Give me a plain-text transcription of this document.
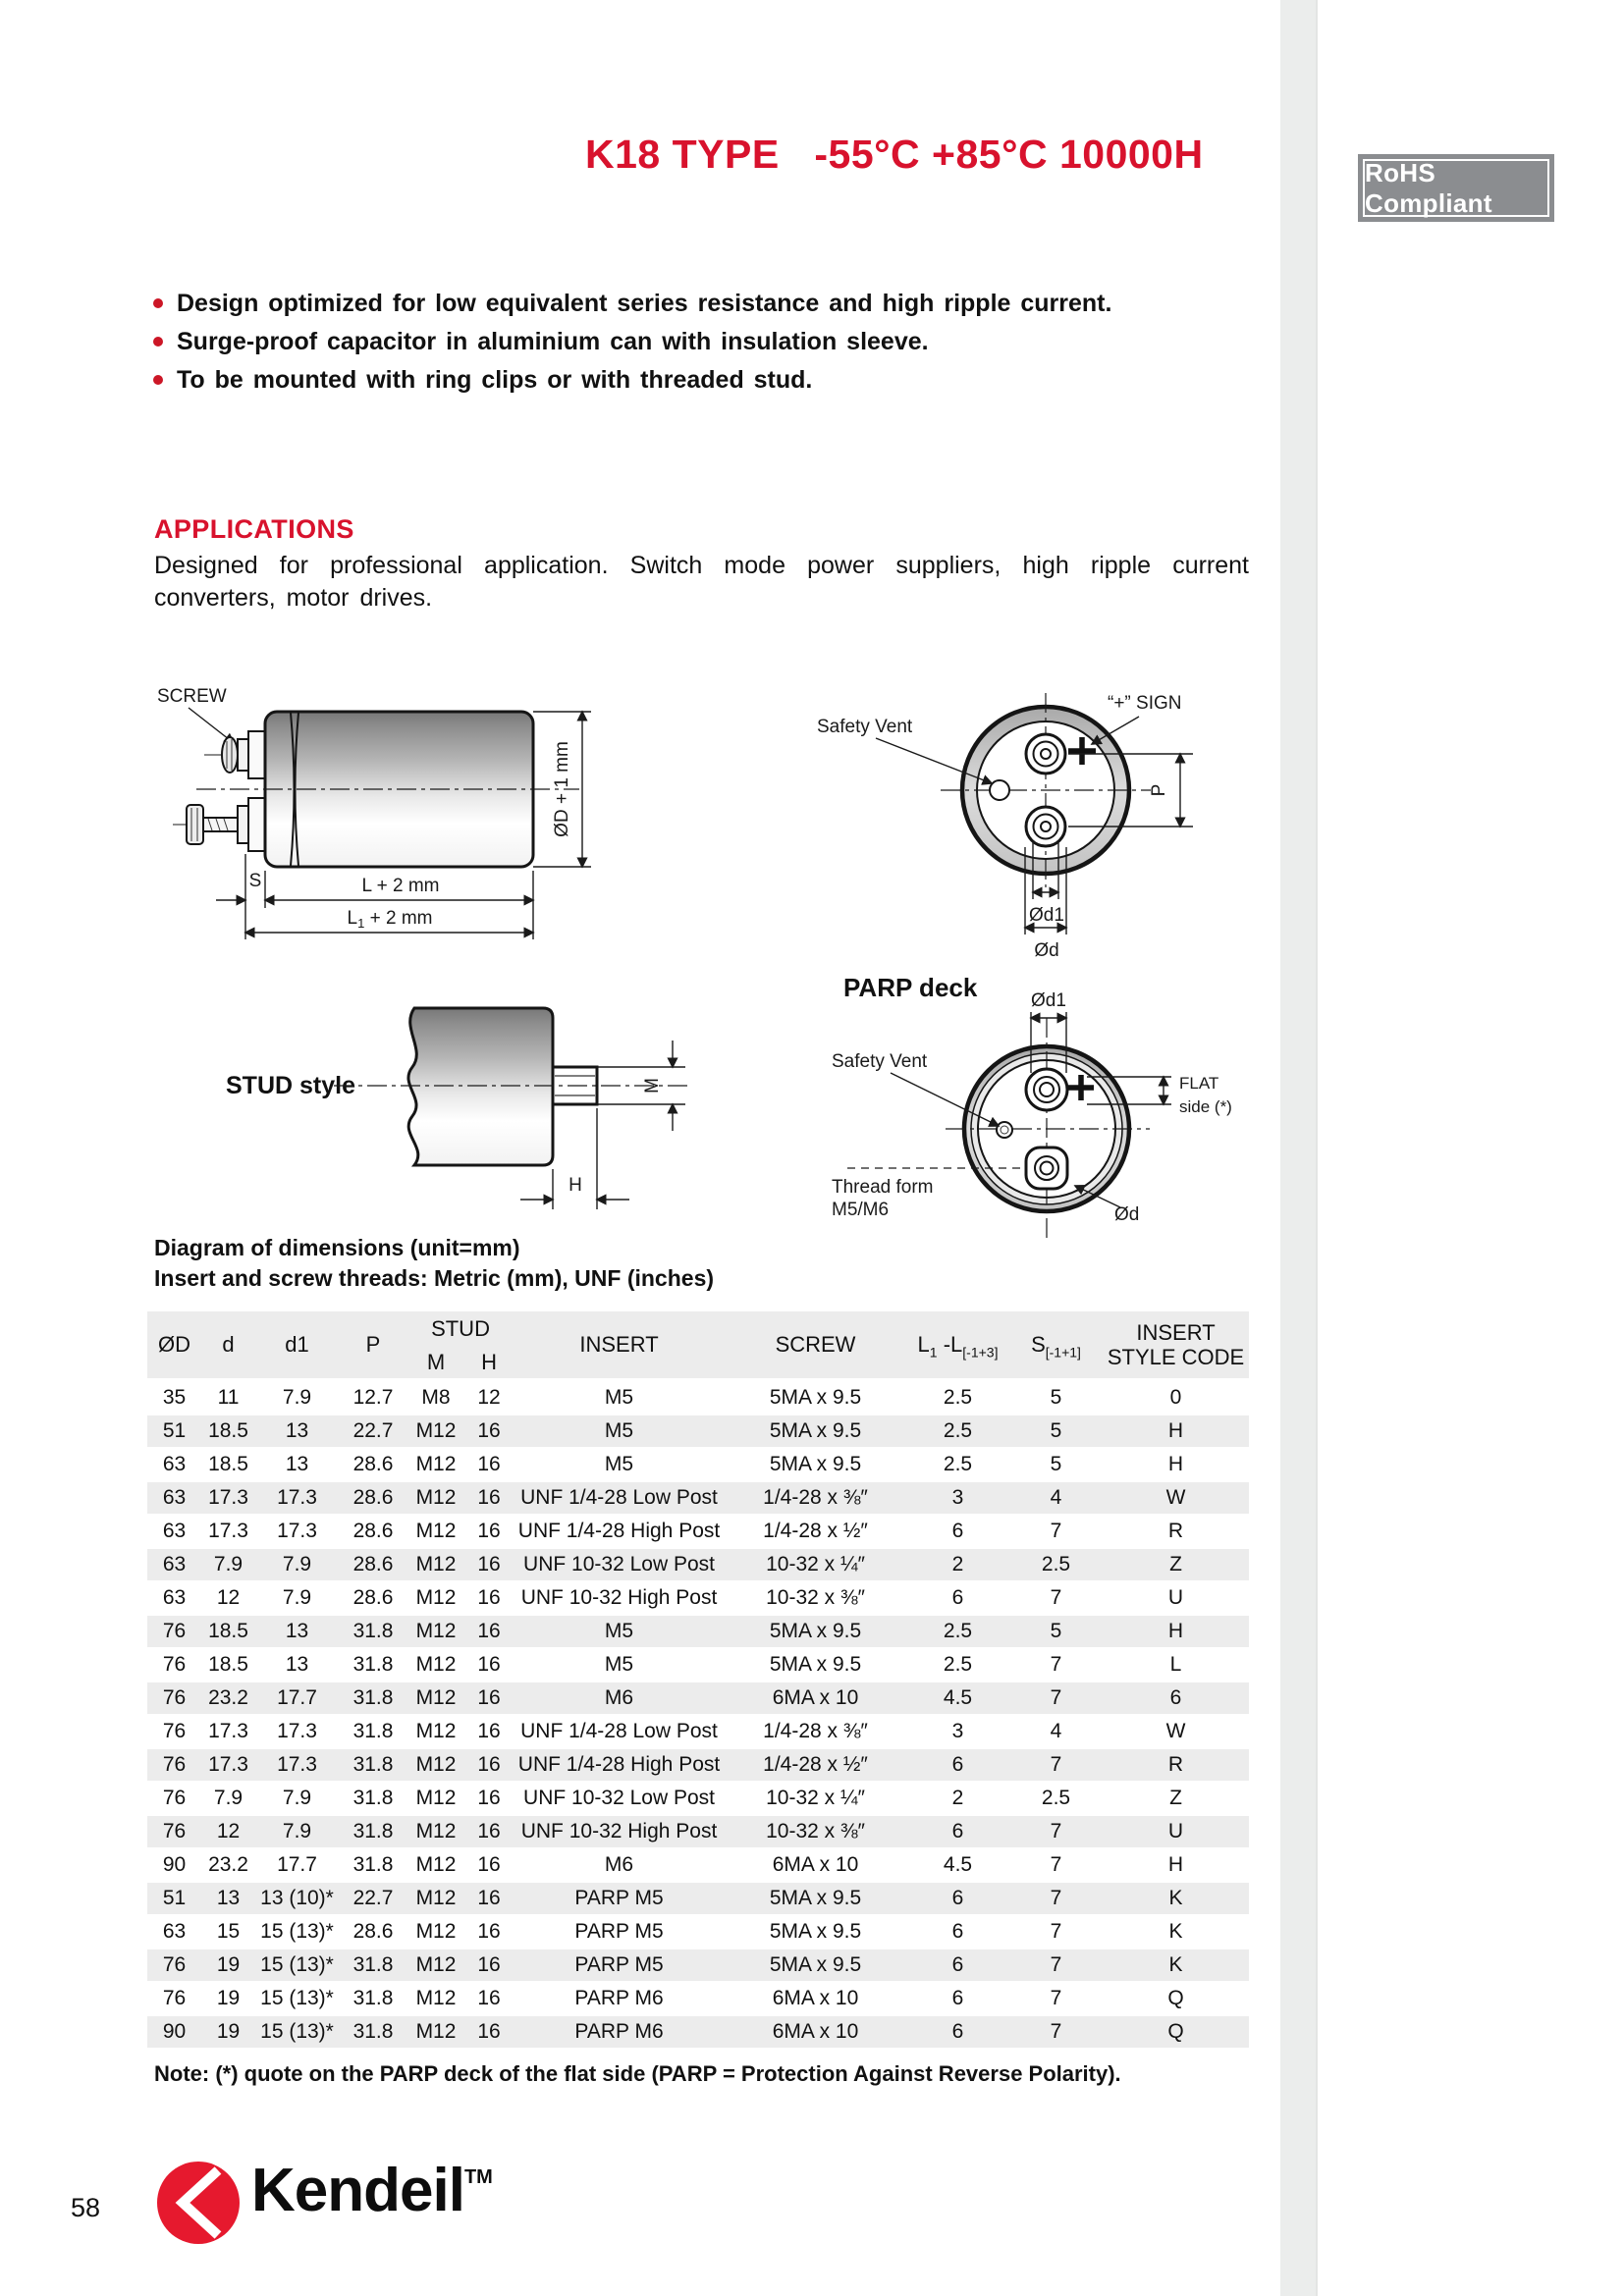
K18 TYPE   -55°C +85°C 10000H	RoHS Compliant
Design optimized for low equivalent series resistance and high ripple current.
Surge-proof capacitor in aluminium can with insulation sleeve.
To be mounted with ring clips or with threaded stud.
APPLICATIONS
Designed for professional application. Switch mode power suppliers, high ripple current converters, motor drives.
SCREW
ØD + 1 mm
S	L + 2 mm
$L_1 + 2$ mm
Safety Vent
“+” SIGN
P
Ød1
Ød
STUD style	M
H
PARP deck	Ød1
Safety Vent
FLAT
side (*)
Thread form
M5/M6	Ød
Diagram of dimensions (unit=mm)
Insert and screw threads: Metric (mm), UNF (inches)
ØD	d	d1	P	STUD		INSERT	SCREW	$L_1$ $-L_{[-1+3]}$	$S_{[-1+1]}$	INSERT
STYLE CODE

				M	H					
35	11	7.9	12.7	M8	12	M5	5MA x 9.5	2.5	5	0
51	18.5	13	22.7	M12	16	M5	5MA x 9.5	2.5	5	H
63	18.5	13	28.6	M12	16	M5	5MA x 9.5	2.5	5	H
63	17.3	17.3	28.6	M12	16	UNF 1/4-28 Low Post	1/4-28 x ⅜″	3	4	W
63	17.3	17.3	28.6	M12	16	UNF 1/4-28 High Post	1/4-28 x ½″	6	7	R
63	7.9	7.9	28.6	M12	16	UNF 10-32 Low Post	10-32 x ¼″	2	2.5	Z
63	12	7.9	28.6	M12	16	UNF 10-32 High Post	10-32 x ⅜″	6	7	U
76	18.5	13	31.8	M12	16	M5	5MA x 9.5	2.5	5	H
76	18.5	13	31.8	M12	16	M5	5MA x 9.5	2.5	7	L
76	23.2	17.7	31.8	M12	16	M6	6MA x 10	4.5	7	6
76	17.3	17.3	31.8	M12	16	UNF 1/4-28 Low Post	1/4-28 x ⅜″	3	4	W
76	17.3	17.3	31.8	M12	16	UNF 1/4-28 High Post	1/4-28 x ½″	6	7	R
76	7.9	7.9	31.8	M12	16	UNF 10-32 Low Post	10-32 x ¼″	2	2.5	Z
76	12	7.9	31.8	M12	16	UNF 10-32 High Post	10-32 x ⅜″	6	7	U
90	23.2	17.7	31.8	M12	16	M6	6MA x 10	4.5	7	H
51	13	13 (10)*	22.7	M12	16	PARP M5	5MA x 9.5	6	7	K
63	15	15 (13)*	28.6	M12	16	PARP M5	5MA x 9.5	6	7	K
76	19	15 (13)*	31.8	M12	16	PARP M5	5MA x 9.5	6	7	K
76	19	15 (13)*	31.8	M12	16	PARP M6	6MA x 10	6	7	Q
90	19	15 (13)*	31.8	M12	16	PARP M6	6MA x 10	6	7	Q
Note: (*) quote on the PARP deck of the flat side (PARP = Protection Against Reverse Polarity).
58 Kendeil™
